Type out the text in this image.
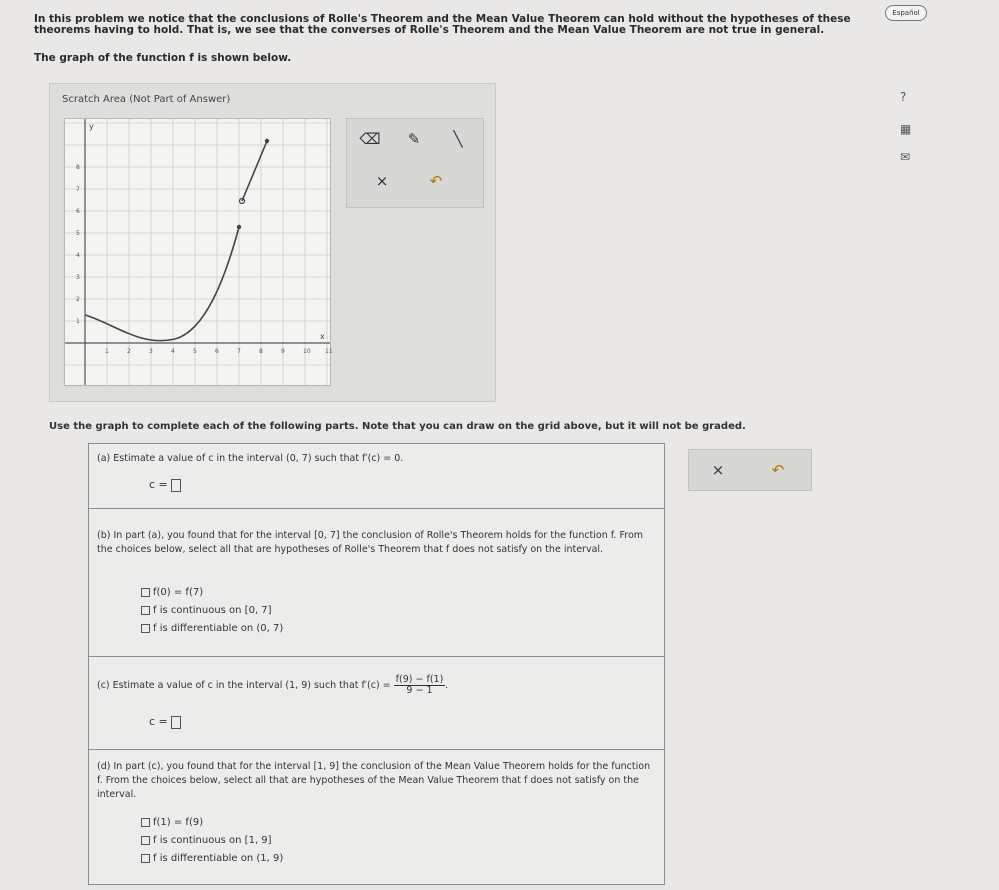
Español
In this problem we notice that the conclusions of Rolle's Theorem and the Mean Value Theorem can hold without the hypotheses of these theorems having to hold. That is, we see that the converses of Rolle's Theorem and the Mean Value Theorem are not true in general.
The graph of the function f is shown below.
?
▦
✉
Scratch Area (Not Part of Answer)
1	2	3	4	5	6	7	8	9	10 11
1
2
3
4
5
6
7
8
x
y
⌫	✎	╲
×	↶
Use the graph to complete each of the following parts. Note that you can draw on the grid above, but it will not be graded.
(a) Estimate a value of c in the interval (0, 7) such that f′(c) = 0.
c =
(b) In part (a), you found that for the interval [0, 7] the conclusion of Rolle's Theorem holds for the function f. From the choices below, select all that are hypotheses of Rolle's Theorem that f does not satisfy on the interval.
f(0) = f(7)
f is continuous on [0, 7]
f is differentiable on (0, 7)
(c) Estimate a value of c in the interval (1, 9) such that $f'(c) = \frac{f(9) - f(1)}{9 - 1}$ .
c =
(d) In part (c), you found that for the interval [1, 9] the conclusion of the Mean Value Theorem holds for the function f. From the choices below, select all that are hypotheses of the Mean Value Theorem that f does not satisfy on the interval.
f(1) = f(9)
f is continuous on [1, 9]
f is differentiable on (1, 9)
×	↶
